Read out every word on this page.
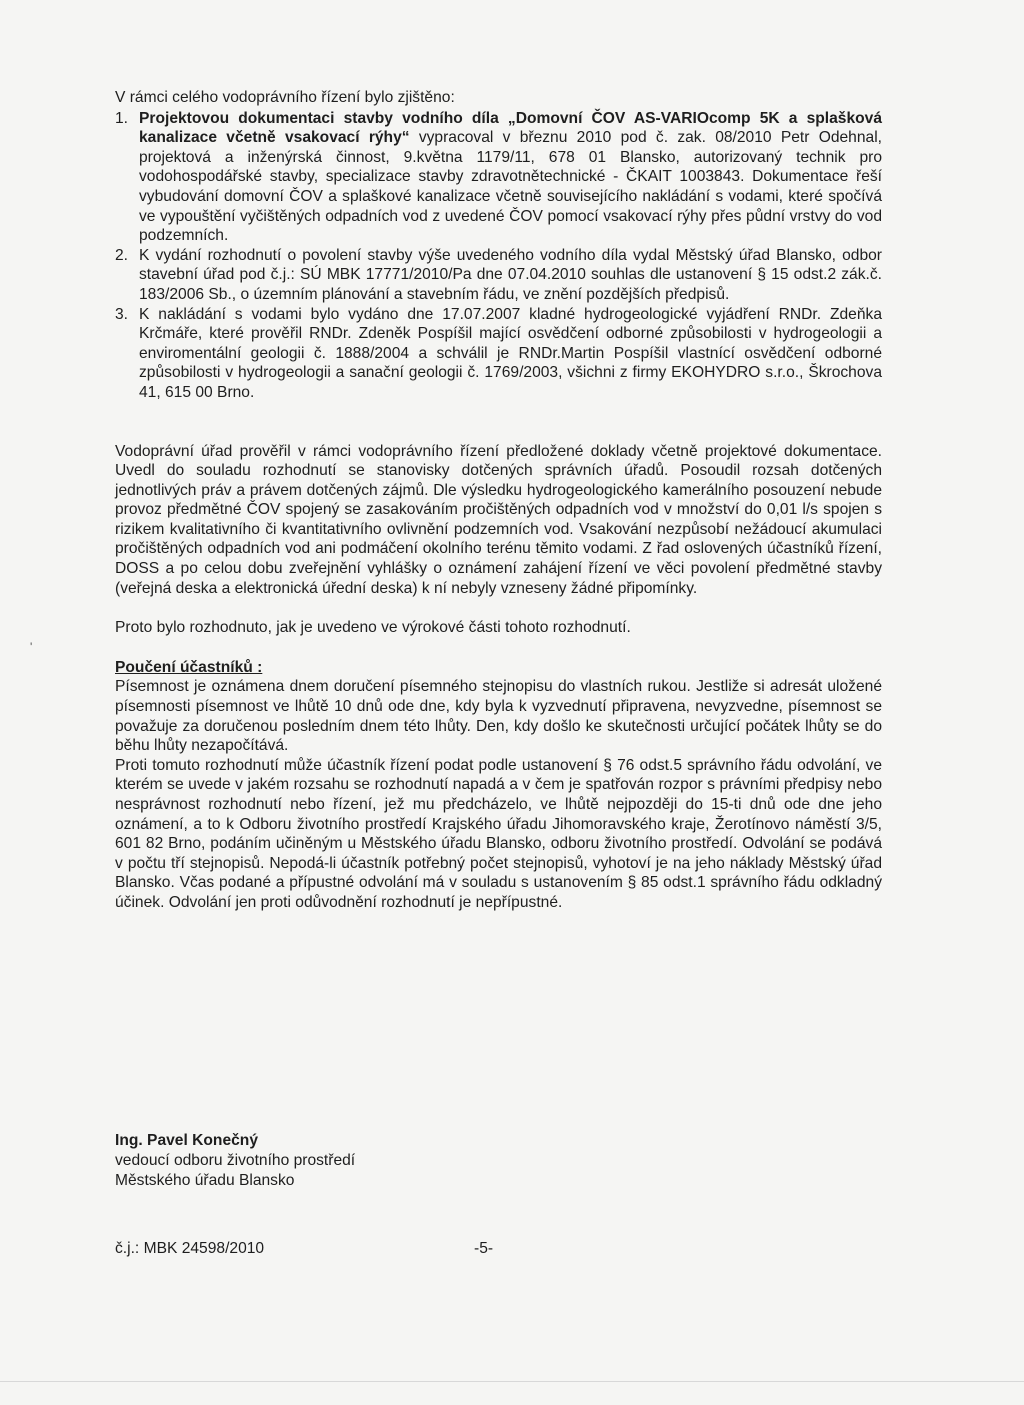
'

V rámci celého vodoprávního řízení bylo zjištěno:

1. Projektovou dokumentaci stavby vodního díla „Domovní ČOV AS-VARIOcomp 5K a splašková kanalizace včetně vsakovací rýhy“ vypracoval v březnu 2010 pod č. zak. 08/2010 Petr Odehnal, projektová a inženýrská činnost, 9.května 1179/11, 678 01 Blansko, autorizovaný technik pro vodohospodářské stavby, specializace stavby zdravotnětechnické - ČKAIT 1003843. Dokumentace řeší vybudování domovní ČOV a splaškové kanalizace včetně souvisejícího nakládání s vodami, které spočívá ve vypouštění vyčištěných odpadních vod z uvedené ČOV pomocí vsakovací rýhy přes půdní vrstvy do vod podzemních.
2. K vydání rozhodnutí o povolení stavby výše uvedeného vodního díla vydal Městský úřad Blansko, odbor stavební úřad pod č.j.: SÚ MBK 17771/2010/Pa dne 07.04.2010 souhlas dle ustanovení § 15 odst.2 zák.č. 183/2006 Sb., o územním plánování a stavebním řádu, ve znění pozdějších předpisů.
3. K nakládání s vodami bylo vydáno dne 17.07.2007 kladné hydrogeologické vyjádření RNDr. Zdeňka Krčmáře, které prověřil RNDr. Zdeněk Pospíšil mající osvědčení odborné způsobilosti v hydrogeologii a enviromentální geologii č. 1888/2004 a schválil je RNDr.Martin Pospíšil vlastnící osvědčení odborné způsobilosti v hydrogeologii a sanační geologii č. 1769/2003, všichni z firmy EKOHYDRO s.r.o., Škrochova 41, 615 00 Brno.

Vodoprávní úřad prověřil v rámci vodoprávního řízení předložené doklady včetně projektové dokumentace. Uvedl do souladu rozhodnutí se stanovisky dotčených správních úřadů. Posoudil rozsah dotčených jednotlivých práv a právem dotčených zájmů. Dle výsledku hydrogeologického kamerálního posouzení nebude provoz předmětné ČOV spojený se zasakováním pročištěných odpadních vod v množství do 0,01 l/s spojen s rizikem kvalitativního či kvantitativního ovlivnění podzemních vod. Vsakování nezpůsobí nežádoucí akumulaci pročištěných odpadních vod ani podmáčení okolního terénu těmito vodami. Z řad oslovených účastníků řízení, DOSS a po celou dobu zveřejnění vyhlášky o oznámení zahájení řízení ve věci povolení předmětné stavby (veřejná deska a elektronická úřední deska) k ní nebyly vzneseny žádné připomínky.

Proto bylo rozhodnuto, jak je uvedeno ve výrokové části tohoto rozhodnutí.

Poučení účastníků :

Písemnost je oznámena dnem doručení písemného stejnopisu do vlastních rukou. Jestliže si adresát uložené písemnosti písemnost ve lhůtě 10 dnů ode dne, kdy byla k vyzvednutí připravena, nevyzvedne, písemnost se považuje za doručenou posledním dnem této lhůty. Den, kdy došlo ke skutečnosti určující počátek lhůty se do běhu lhůty nezapočítává.

Proti tomuto rozhodnutí může účastník řízení podat podle ustanovení § 76 odst.5 správního řádu odvolání, ve kterém se uvede v jakém rozsahu se rozhodnutí napadá a v čem je spatřován rozpor s právními předpisy nebo nesprávnost rozhodnutí nebo řízení, jež mu předcházelo, ve lhůtě nejpozději do 15-ti dnů ode dne jeho oznámení, a to k Odboru životního prostředí Krajského úřadu Jihomoravského kraje, Žerotínovo náměstí 3/5, 601 82 Brno, podáním učiněným u Městského úřadu Blansko, odboru životního prostředí. Odvolání se podává v počtu tří stejnopisů. Nepodá-li účastník potřebný počet stejnopisů, vyhotoví je na jeho náklady Městský úřad Blansko. Včas podané a přípustné odvolání má v souladu s ustanovením § 85 odst.1 správního řádu odkladný účinek. Odvolání jen proti odůvodnění rozhodnutí je nepřípustné.

Ing. Pavel Konečný
vedoucí odboru životního prostředí
Městského úřadu Blansko
č.j.: MBK 24598/2010	-5-
